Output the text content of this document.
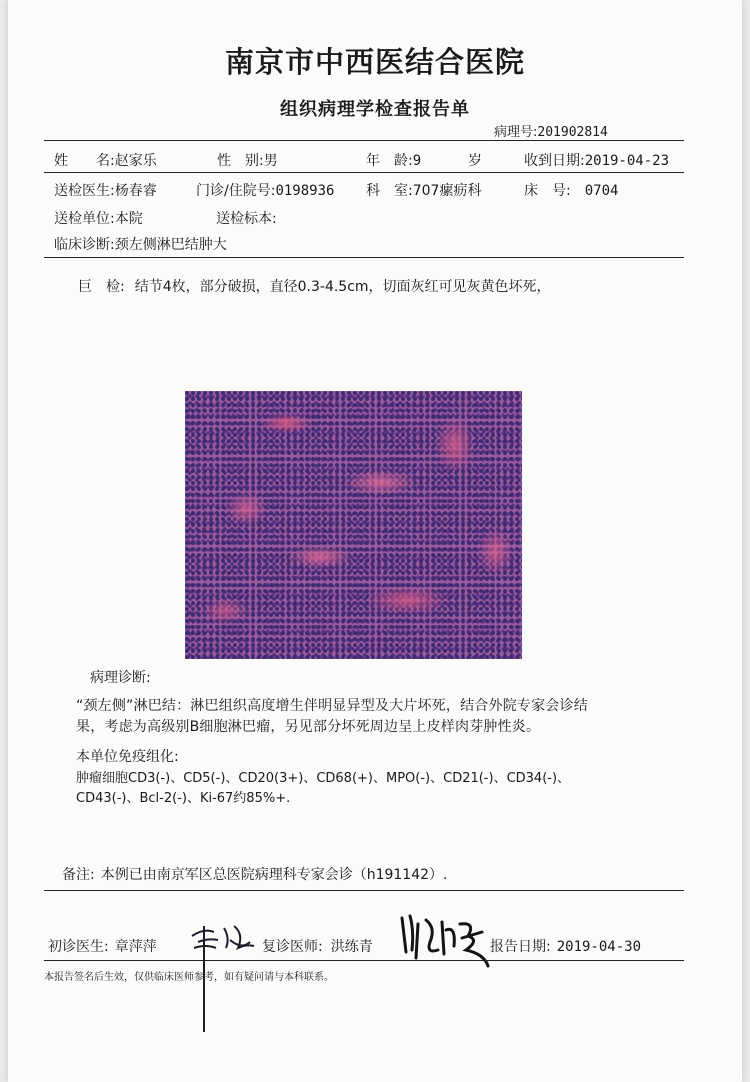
南京市中西医结合医院
组织病理学检查报告单
病理号:201902814
姓　　名:赵家乐	性　别:男	年　龄:9	岁	收到日期:2019-04-23
送检医生:杨春睿	门诊/住院号:0198936 科　室:707瘰疬科	床　号: 0704
送检单位:本院	送检标本:
临床诊断:颈左侧淋巴结肿大
巨　检: 结节4枚，部分破损，直径0.3-4.5cm，切面灰红可见灰黄色坏死，
病理诊断:
“颈左侧”淋巴结：淋巴组织高度增生伴明显异型及大片坏死，结合外院专家会诊结
果，考虑为高级别B细胞淋巴瘤，另见部分坏死周边呈上皮样肉芽肿性炎。
本单位免疫组化:
肿瘤细胞CD3(-)、CD5(-)、CD20(3+)、CD68(+)、MPO(-)、CD21(-)、CD34(-)、
CD43(-)、Bcl-2(-)、Ki-67约85%+.
备注: 本例已由南京军区总医院病理科专家会诊（h191142）.
初诊医生: 章萍萍	复诊医师: 洪练青	报告日期: 2019-04-30
本报告签名后生效，仅供临床医师参考，如有疑问请与本科联系。
